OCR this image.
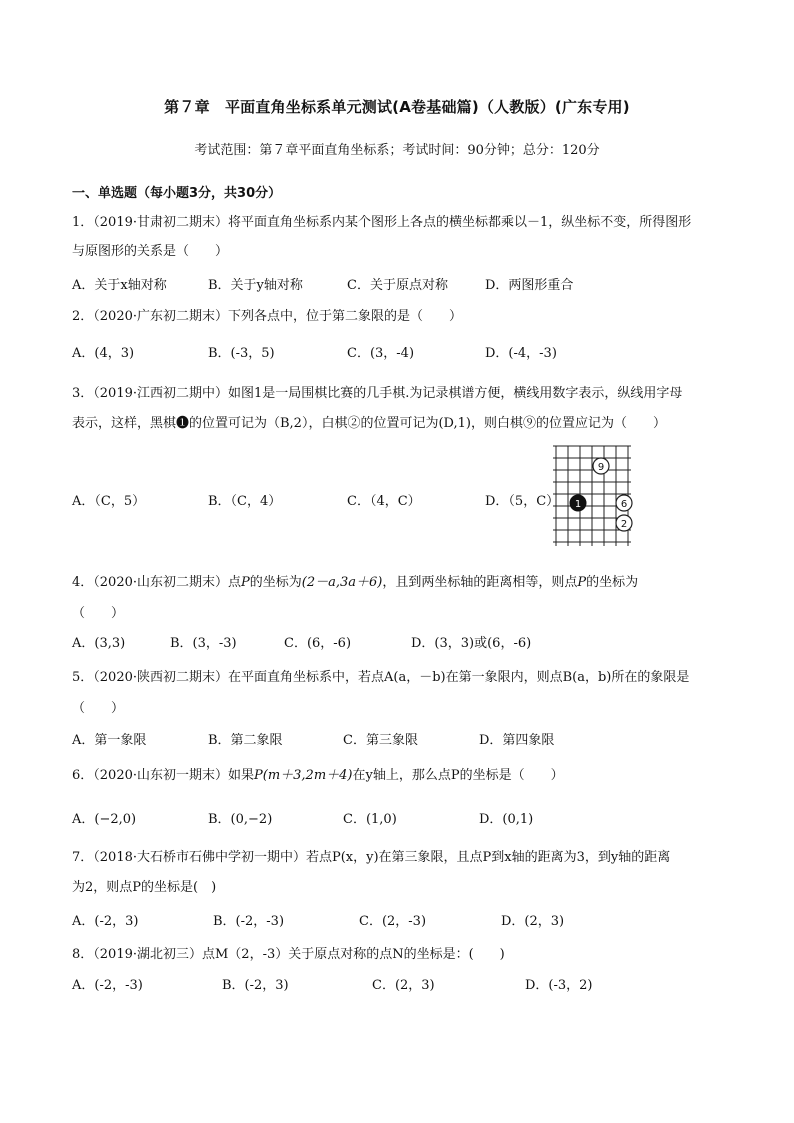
第７章　平面直角坐标系单元测试(A卷基础篇)（人教版）(广东专用)
考试范围：第７章平面直角坐标系；考试时间：90分钟；总分：120分
一、单选题（每小题3分，共30分）
1．（2019·甘肃初二期末）将平面直角坐标系内某个图形上各点的横坐标都乘以－1，纵坐标不变，所得图形
与原图形的关系是（　　）
A．关于x轴对称	B．关于y轴对称	C．关于原点对称	D．两图形重合
2．（2020·广东初二期末）下列各点中，位于第二象限的是（　　）
A．(4，3)	B．(-3，5)	C．(3，-4)	D．(-4，-3)
3．（2019·江西初二期中）如图1是一局围棋比赛的几手棋.为记录棋谱方便，横线用数字表示，纵线用字母
表示，这样，黑棋❶的位置可记为（B,2），白棋②的位置可记为(D,1)，则白棋⑨的位置应记为（　　）
A．（C，5）	B．（C，4）	C．（4，C）	D．（5，C）
9
1	6
2
4．（2020·山东初二期末）点P的坐标为(2－a,3a＋6)，且到两坐标轴的距离相等，则点P的坐标为
（　　）
A．(3,3)	B．(3，-3)	C．(6，-6)	D．(3，3)或(6，-6)
5．（2020·陕西初二期末）在平面直角坐标系中，若点A(a，－b)在第一象限内，则点B(a，b)所在的象限是
（　　）
A．第一象限	B．第二象限	C．第三象限	D．第四象限
6．（2020·山东初一期末）如果P(m＋3,2m＋4)在y轴上，那么点P的坐标是（　　）
A．(−2,0)	B．(0,−2)	C．(1,0)	D．(0,1)
7．（2018·大石桥市石佛中学初一期中）若点P(x，y)在第三象限，且点P到x轴的距离为3，到y轴的距离
为2，则点P的坐标是(　)
A．(-2，3)	B．(-2，-3)	C．(2，-3)	D．(2，3)
8．（2019·湖北初三）点M（2，-3）关于原点对称的点N的坐标是：(　　)
A．(-2，-3)	B．(-2，3)	C．(2，3)	D．(-3，2)
